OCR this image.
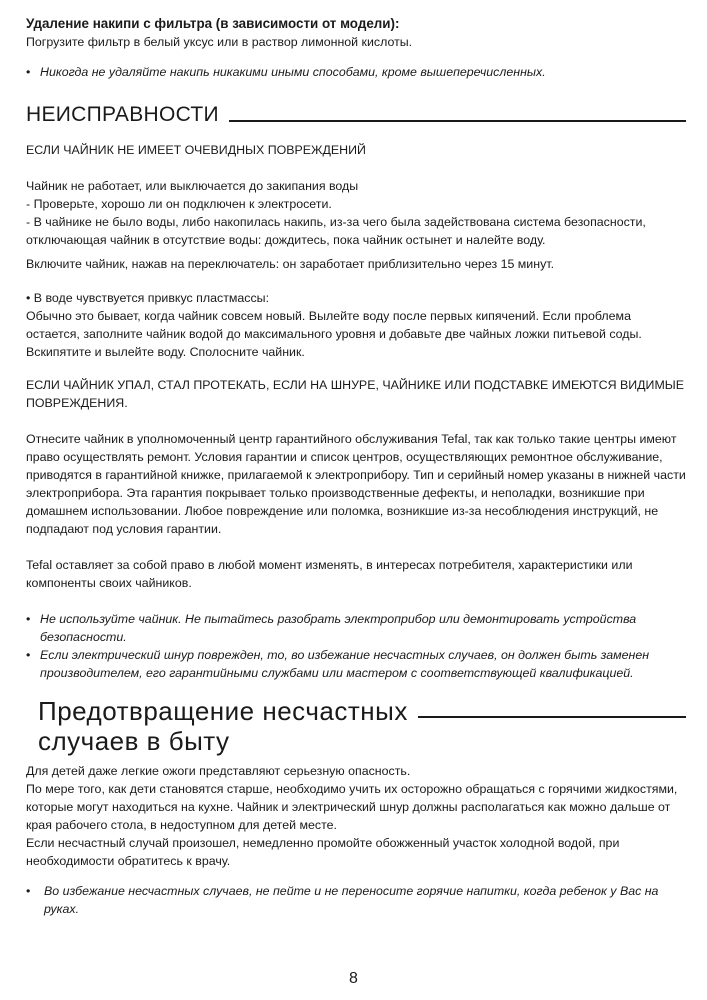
Удаление накипи с фильтра (в зависимости от модели):

Погрузите фильтр в белый уксус или в раствор лимонной кислоты.

• Никогда не удаляйте накипь никакими иными способами, кроме вышеперечисленных.

НЕИСПРАВНОСТИ

ЕСЛИ ЧАЙНИК НЕ ИМЕЕТ ОЧЕВИДНЫХ ПОВРЕЖДЕНИЙ

Чайник не работает, или выключается до закипания воды

- Проверьте, хорошо ли он подключен к электросети.

- В чайнике не было воды, либо накопилась накипь, из-за чего была задействована система безопасности, отключающая чайник в отсутствие воды: дождитесь, пока чайник остынет и налейте воду.

Включите чайник, нажав на переключатель: он заработает приблизительно через 15 минут.

• В воде чувствуется привкус пластмассы:

Обычно это бывает, когда чайник совсем новый. Вылейте воду после первых кипячений. Если проблема остается, заполните чайник водой до максимального уровня и добавьте две чайных ложки питьевой соды. Вскипятите и вылейте воду. Сполосните чайник.

ЕСЛИ ЧАЙНИК УПАЛ, СТАЛ ПРОТЕКАТЬ, ЕСЛИ НА ШНУРЕ, ЧАЙНИКЕ ИЛИ ПОДСТАВКЕ ИМЕЮТСЯ ВИДИМЫЕ ПОВРЕЖДЕНИЯ.

Отнесите чайник в уполномоченный центр гарантийного обслуживания Tefal, так как только такие центры имеют право осуществлять ремонт. Условия гарантии и список центров, осуществляющих ремонтное обслуживание, приводятся в гарантийной книжке, прилагаемой к электроприбору. Тип и серийный номер указаны в нижней части электроприбора. Эта гарантия покрывает только производственные дефекты, и неполадки, возникшие при домашнем использовании. Любое повреждение или поломка, возникшие из-за несоблюдения инструкций, не подпадают под условия гарантии.

Tefal оставляет за собой право в любой момент изменять, в интересах потребителя, характеристики или компоненты своих чайников.

• Не используйте чайник. Не пытайтесь разобрать электроприбор или демонтировать устройства безопасности.

• Если электрический шнур поврежден, то, во избежание несчастных случаев, он должен быть заменен производителем, его гарантийными службами или мастером с соответствующей квалификацией.

Предотвращение несчастных
случаев в быту

Для детей даже легкие ожоги представляют серьезную опасность.

По мере того, как дети становятся старше, необходимо учить их осторожно обращаться с горячими жидкостями, которые могут находиться на кухне. Чайник и электрический шнур должны располагаться как можно дальше от края рабочего стола, в недоступном для детей месте.

Если несчастный случай произошел, немедленно промойте обожженный участок холодной водой, при необходимости обратитесь к врачу.

• Во избежание несчастных случаев, не пейте и не переносите горячие напитки, когда ребенок у Вас на руках.

8
